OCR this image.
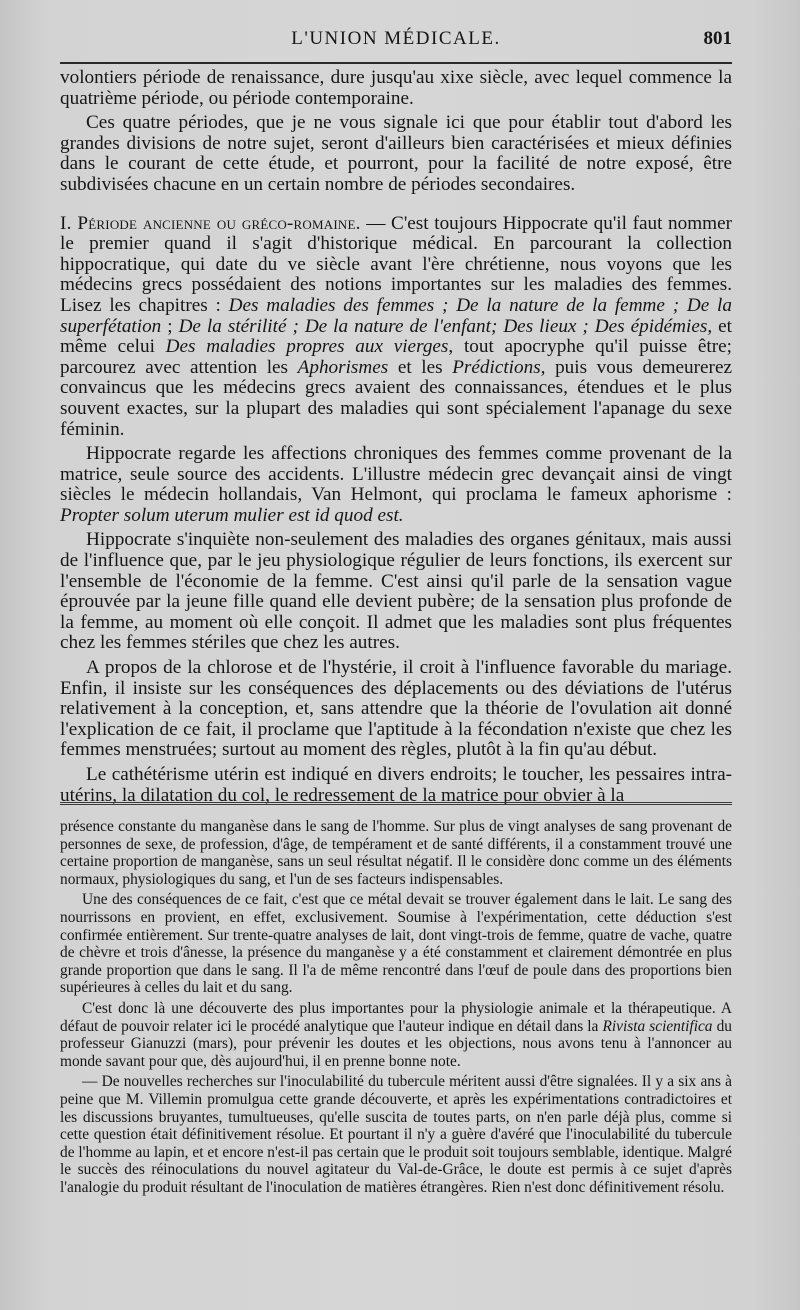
L'UNION MÉDICALE.	801

volontiers période de renaissance, dure jusqu'au xixe siècle, avec lequel commence la quatrième période, ou période contemporaine.

Ces quatre périodes, que je ne vous signale ici que pour établir tout d'abord les grandes divisions de notre sujet, seront d'ailleurs bien caractérisées et mieux définies dans le courant de cette étude, et pourront, pour la facilité de notre exposé, être subdivisées chacune en un certain nombre de périodes secondaires.

I. Période ancienne ou gréco-romaine. — C'est toujours Hippocrate qu'il faut nommer le premier quand il s'agit d'historique médical. En parcourant la collection hippocratique, qui date du ve siècle avant l'ère chrétienne, nous voyons que les médecins grecs possédaient des notions importantes sur les maladies des femmes. Lisez les chapitres : Des maladies des femmes ; De la nature de la femme ; De la superfétation ; De la stérilité ; De la nature de l'enfant; Des lieux ; Des épidémies, et même celui Des maladies propres aux vierges, tout apocryphe qu'il puisse être; parcourez avec attention les Aphorismes et les Prédictions, puis vous demeurerez convaincus que les médecins grecs avaient des connaissances, étendues et le plus souvent exactes, sur la plupart des maladies qui sont spécialement l'apanage du sexe féminin.

Hippocrate regarde les affections chroniques des femmes comme provenant de la matrice, seule source des accidents. L'illustre médecin grec devançait ainsi de vingt siècles le médecin hollandais, Van Helmont, qui proclama le fameux aphorisme : Propter solum uterum mulier est id quod est.

Hippocrate s'inquiète non-seulement des maladies des organes génitaux, mais aussi de l'influence que, par le jeu physiologique régulier de leurs fonctions, ils exercent sur l'ensemble de l'économie de la femme. C'est ainsi qu'il parle de la sensation vague éprouvée par la jeune fille quand elle devient pubère; de la sensation plus profonde de la femme, au moment où elle conçoit. Il admet que les maladies sont plus fréquentes chez les femmes stériles que chez les autres.

A propos de la chlorose et de l'hystérie, il croit à l'influence favorable du mariage. Enfin, il insiste sur les conséquences des déplacements ou des déviations de l'utérus relativement à la conception, et, sans attendre que la théorie de l'ovulation ait donné l'explication de ce fait, il proclame que l'aptitude à la fécondation n'existe que chez les femmes menstruées; surtout au moment des règles, plutôt à la fin qu'au début.

Le cathétérisme utérin est indiqué en divers endroits; le toucher, les pessaires intra-utérins, la dilatation du col, le redressement de la matrice pour obvier à la

présence constante du manganèse dans le sang de l'homme. Sur plus de vingt analyses de sang provenant de personnes de sexe, de profession, d'âge, de tempérament et de santé différents, il a constamment trouvé une certaine proportion de manganèse, sans un seul résultat négatif. Il le considère donc comme un des éléments normaux, physiologiques du sang, et l'un de ses facteurs indispensables.

Une des conséquences de ce fait, c'est que ce métal devait se trouver également dans le lait. Le sang des nourrissons en provient, en effet, exclusivement. Soumise à l'expérimentation, cette déduction s'est confirmée entièrement. Sur trente-quatre analyses de lait, dont vingt-trois de femme, quatre de vache, quatre de chèvre et trois d'ânesse, la présence du manganèse y a été constamment et clairement démontrée en plus grande proportion que dans le sang. Il l'a de même rencontré dans l'œuf de poule dans des proportions bien supérieures à celles du lait et du sang.

C'est donc là une découverte des plus importantes pour la physiologie animale et la thérapeutique. A défaut de pouvoir relater ici le procédé analytique que l'auteur indique en détail dans la Rivista scientifica du professeur Gianuzzi (mars), pour prévenir les doutes et les objections, nous avons tenu à l'annoncer au monde savant pour que, dès aujourd'hui, il en prenne bonne note.

— De nouvelles recherches sur l'inoculabilité du tubercule méritent aussi d'être signalées. Il y a six ans à peine que M. Villemin promulgua cette grande découverte, et après les expérimentations contradictoires et les discussions bruyantes, tumultueuses, qu'elle suscita de toutes parts, on n'en parle déjà plus, comme si cette question était définitivement résolue. Et pourtant il n'y a guère d'avéré que l'inoculabilité du tubercule de l'homme au lapin, et et encore n'est-il pas certain que le produit soit toujours semblable, identique. Malgré le succès des réinoculations du nouvel agitateur du Val-de-Grâce, le doute est permis à ce sujet d'après l'analogie du produit résultant de l'inoculation de matières étrangères. Rien n'est donc définitivement résolu.
